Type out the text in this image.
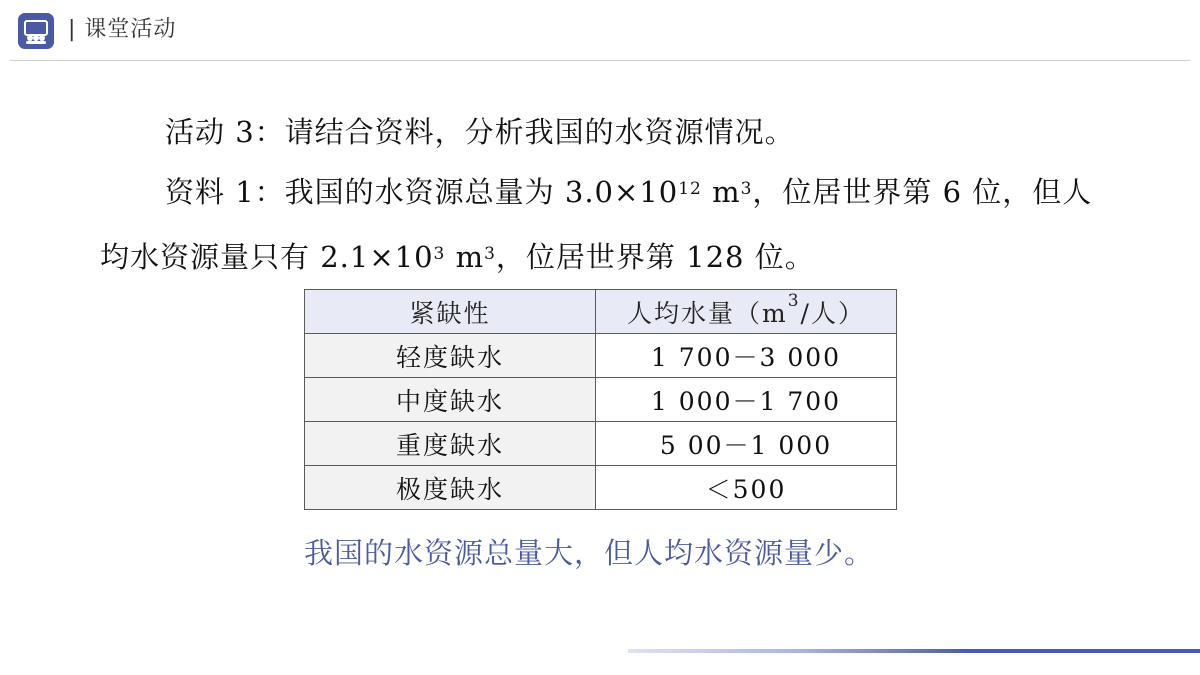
| 课堂活动
活动 3：请结合资料，分析我国的水资源情况。
资料 1：我国的水资源总量为 $3.0\times 10^{12}$ $m^3$，位居世界第 6 位，但人
均水资源量只有 $2.1\times 10^3$ $m^3$，位居世界第 128 位。
紧缺性	人均水量（$m^3/$人）
轻度缺水	1 700－3 000
中度缺水	1 000－1 700
重度缺水	5 00－1 000
极度缺水	＜500
我国的水资源总量大，但人均水资源量少。
